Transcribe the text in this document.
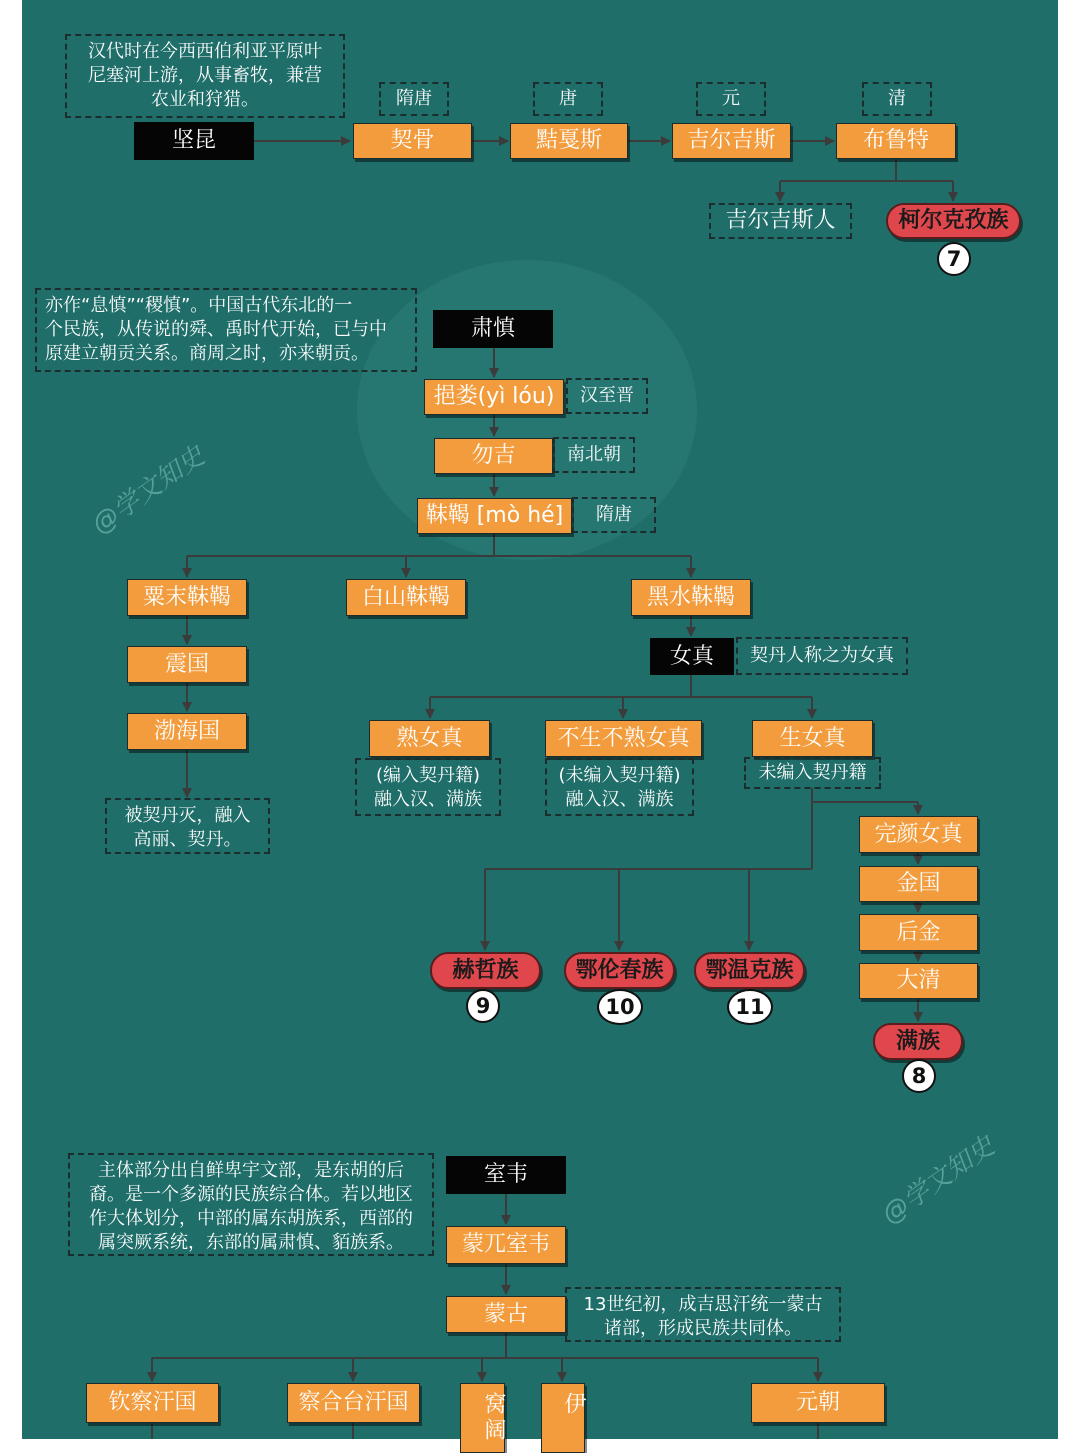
@学文知史
@学文知史
汉代时在今西西伯利亚平原叶
尼塞河上游，从事畜牧，兼营
农业和狩猎。
坚昆	契骨	黠戛斯	吉尔吉斯	布鲁特
隋唐	唐	元	清
吉尔吉斯人	柯尔克孜族
7
亦作“息慎”“稷慎”。中国古代东北的一
个民族，从传说的舜、禹时代开始，已与中
原建立朝贡关系。商周之时，亦来朝贡。
肃慎
挹娄(yì lóu)	汉至晋
勿吉	南北朝
靺鞨 [mò hé]	隋唐
粟末靺鞨	白山靺鞨	黑水靺鞨
震国
渤海国
被契丹灭，融入
高丽、契丹。
女真	契丹人称之为女真
熟女真	不生不熟女真	生女真
(编入契丹籍)
融入汉、满族
(未编入契丹籍)
融入汉、满族
未编入契丹籍
完颜女真
金国
后金
大清
赫哲族
9
鄂伦春族
10
鄂温克族
11
满族
8
主体部分出自鲜卑宇文部，是东胡的后
裔。是一个多源的民族综合体。若以地区
作大体划分，中部的属东胡族系，西部的
属突厥系统，东部的属肃慎、貊族系。
室韦
蒙兀室韦
蒙古	13世纪初，成吉思汗统一蒙古
诸部，形成民族共同体。
钦察汗国	察合台汗国	窝阔	伊	元朝
